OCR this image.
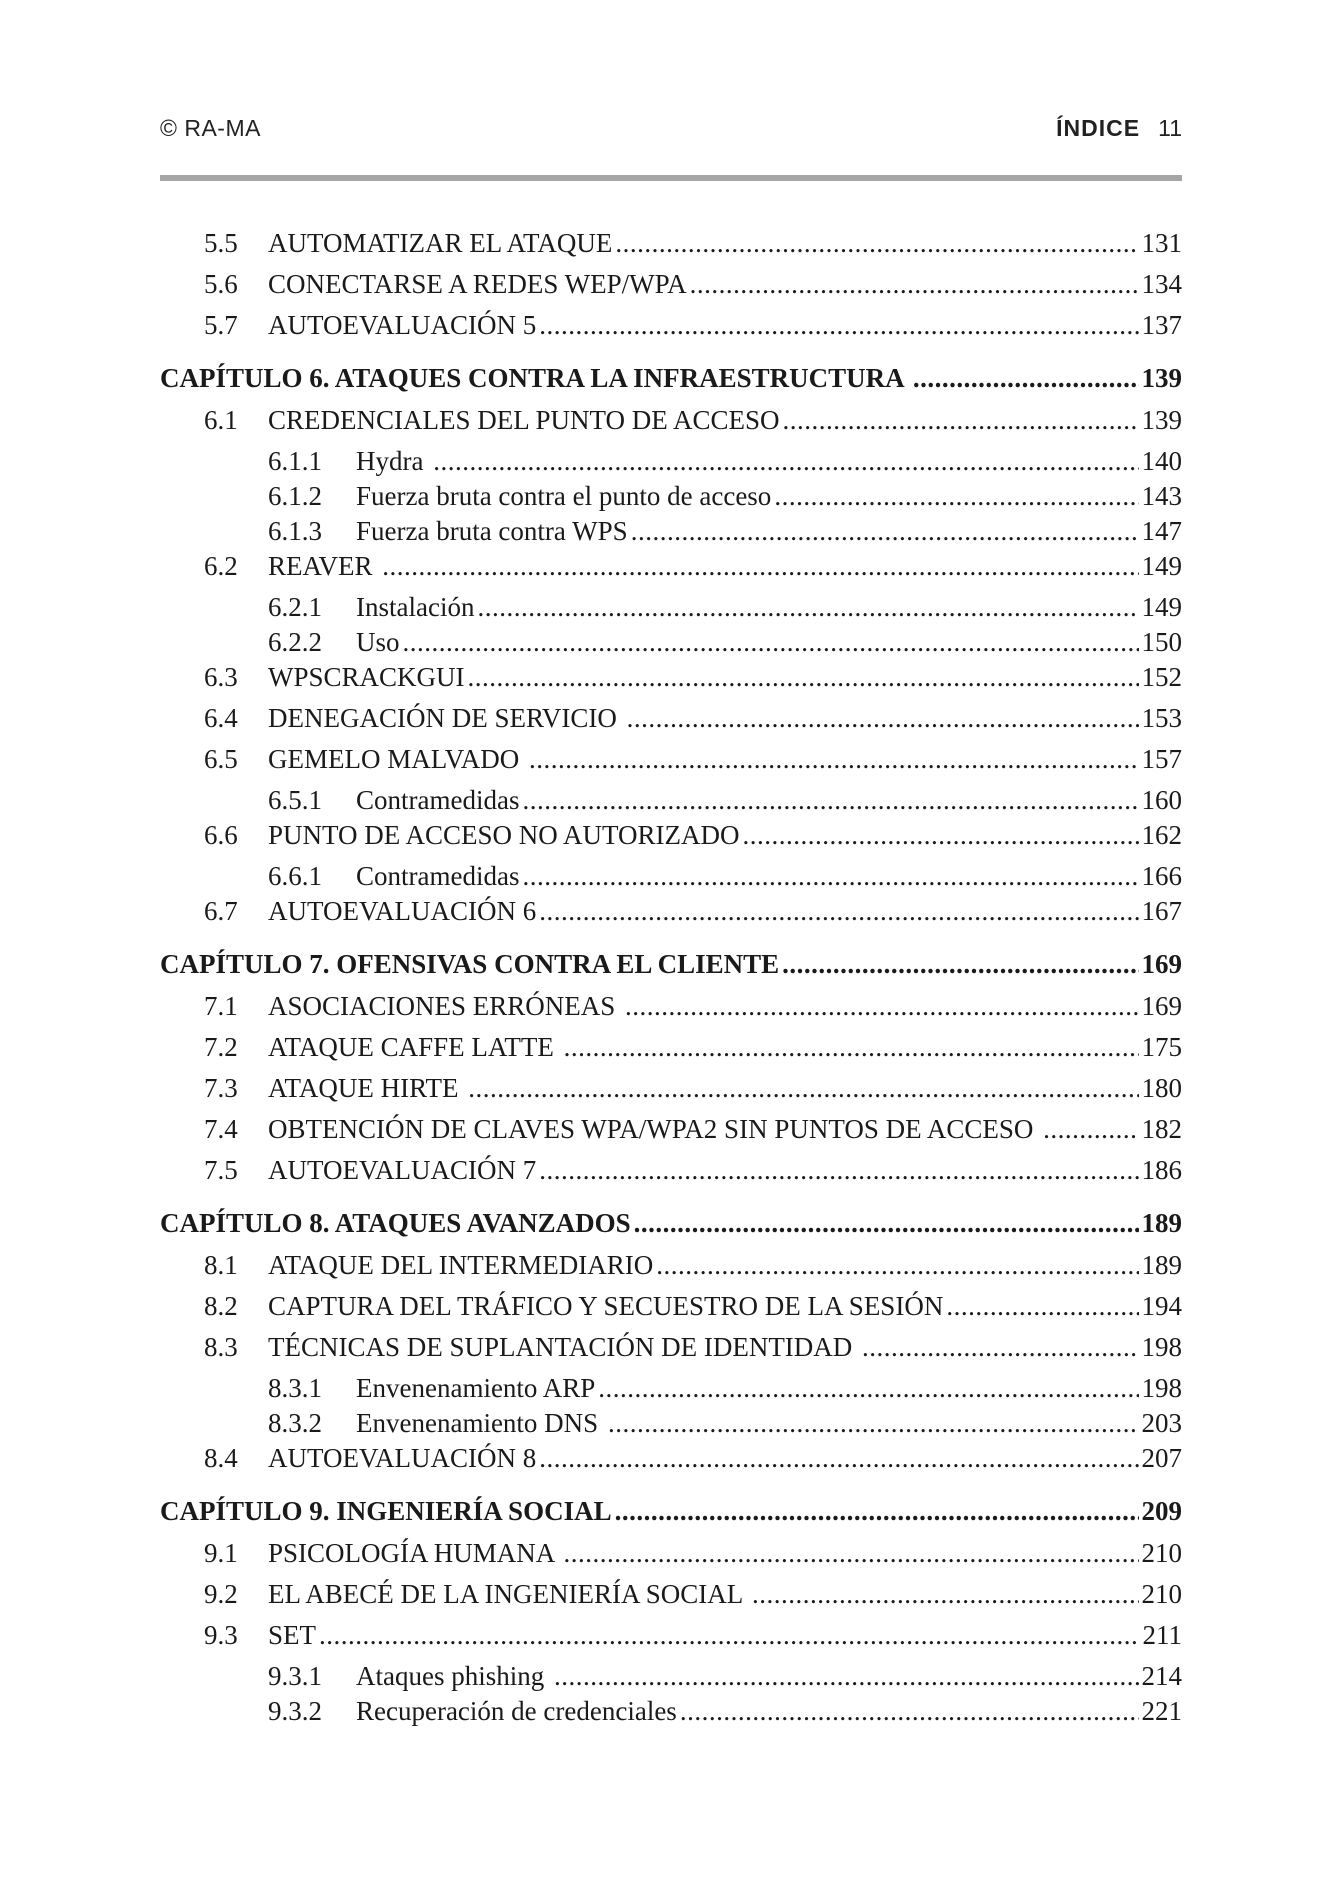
© RA-MA	ÍNDICE 11
5.5	AUTOMATIZAR EL ATAQUE .....	131
5.6	CONECTARSE A REDES WEP/WPA .....	134
5.7	AUTOEVALUACIÓN 5 .....	137
CAPÍTULO 6. ATAQUES CONTRA LA INFRAESTRUCTURA .....	139
6.1	CREDENCIALES DEL PUNTO DE ACCESO .....	139
6.1.1	Hydra .....	140
6.1.2	Fuerza bruta contra el punto de acceso .....	143
6.1.3	Fuerza bruta contra WPS .....	147
6.2	REAVER .....	149
6.2.1	Instalación .....	149
6.2.2	Uso .....	150
6.3	WPSCRACKGUI .....	152
6.4	DENEGACIÓN DE SERVICIO .....	153
6.5	GEMELO MALVADO .....	157
6.5.1	Contramedidas .....	160
6.6	PUNTO DE ACCESO NO AUTORIZADO .....	162
6.6.1	Contramedidas .....	166
6.7	AUTOEVALUACIÓN 6 .....	167
CAPÍTULO 7. OFENSIVAS CONTRA EL CLIENTE .....	169
7.1	ASOCIACIONES ERRÓNEAS .....	169
7.2	ATAQUE CAFFE LATTE .....	175
7.3	ATAQUE HIRTE .....	180
7.4	OBTENCIÓN DE CLAVES WPA/WPA2 SIN PUNTOS DE ACCESO .....	182
7.5	AUTOEVALUACIÓN 7 .....	186
CAPÍTULO 8. ATAQUES AVANZADOS .....	189
8.1	ATAQUE DEL INTERMEDIARIO .....	189
8.2	CAPTURA DEL TRÁFICO Y SECUESTRO DE LA SESIÓN .....	194
8.3	TÉCNICAS DE SUPLANTACIÓN DE IDENTIDAD .....	198
8.3.1	Envenenamiento ARP .....	198
8.3.2	Envenenamiento DNS .....	203
8.4	AUTOEVALUACIÓN 8 .....	207
CAPÍTULO 9. INGENIERÍA SOCIAL .....	209
9.1	PSICOLOGÍA HUMANA .....	210
9.2	EL ABECÉ DE LA INGENIERÍA SOCIAL .....	210
9.3	SET .....	211
9.3.1	Ataques phishing .....	214
9.3.2	Recuperación de credenciales .....	221
